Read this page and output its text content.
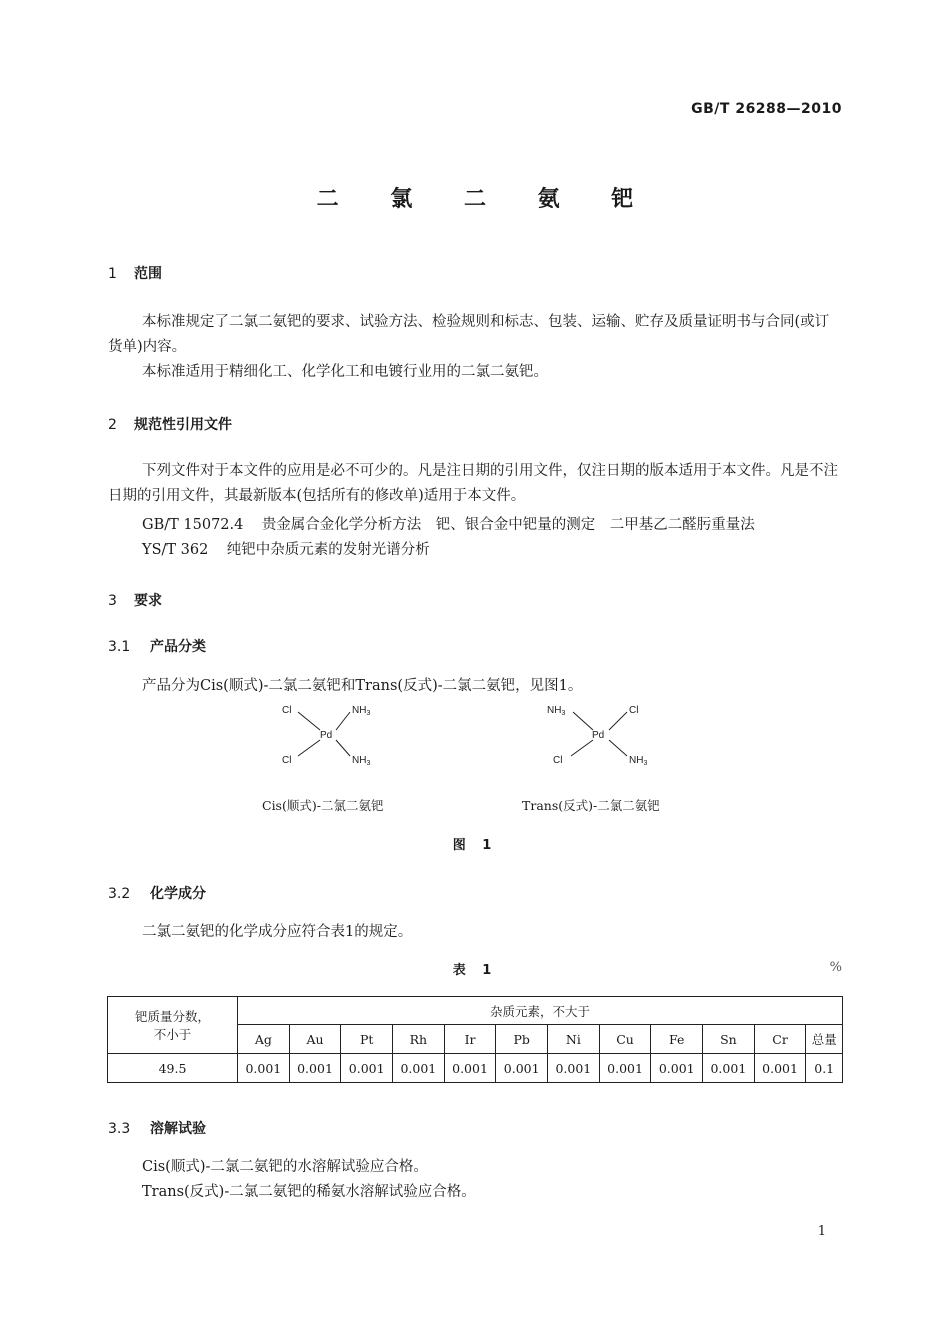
GB/T 26288—2010
二 氯 二 氨 钯
1 范围
本标准规定了二氯二氨钯的要求、试验方法、检验规则和标志、包装、运输、贮存及质量证明书与合同(或订货单)内容。
本标准适用于精细化工、化学化工和电镀行业用的二氯二氨钯。
2 规范性引用文件
下列文件对于本文件的应用是必不可少的。凡是注日期的引用文件，仅注日期的版本适用于本文件。凡是不注日期的引用文件，其最新版本(包括所有的修改单)适用于本文件。
GB/T 15072.4 贵金属合金化学分析方法　钯、银合金中钯量的测定　二甲基乙二醛肟重量法
YS/T 362 纯钯中杂质元素的发射光谱分析
3 要求
3.1 产品分类
产品分为Cis(顺式)-二氯二氨钯和Trans(反式)-二氯二氨钯，见图1。
Cl	$NH_3$
Pd
Cl	$NH_3$
$NH_3$	Cl
Pd
Cl	$NH_3$
Cis(顺式)-二氯二氨钯	Trans(反式)-二氯二氨钯
图 1
3.2 化学成分
二氯二氨钯的化学成分应符合表1的规定。
表 1	%
钯质量分数，
不小于	杂质元素，不大于											
	Ag	Au	Pt	Rh	Ir	Pb	Ni	Cu	Fe	Sn	Cr	总量
49.5	0.001	0.001	0.001	0.001	0.001	0.001	0.001	0.001	0.001	0.001	0.001	0.1
3.3 溶解试验
Cis(顺式)-二氯二氨钯的水溶解试验应合格。
Trans(反式)-二氯二氨钯的稀氨水溶解试验应合格。
1
